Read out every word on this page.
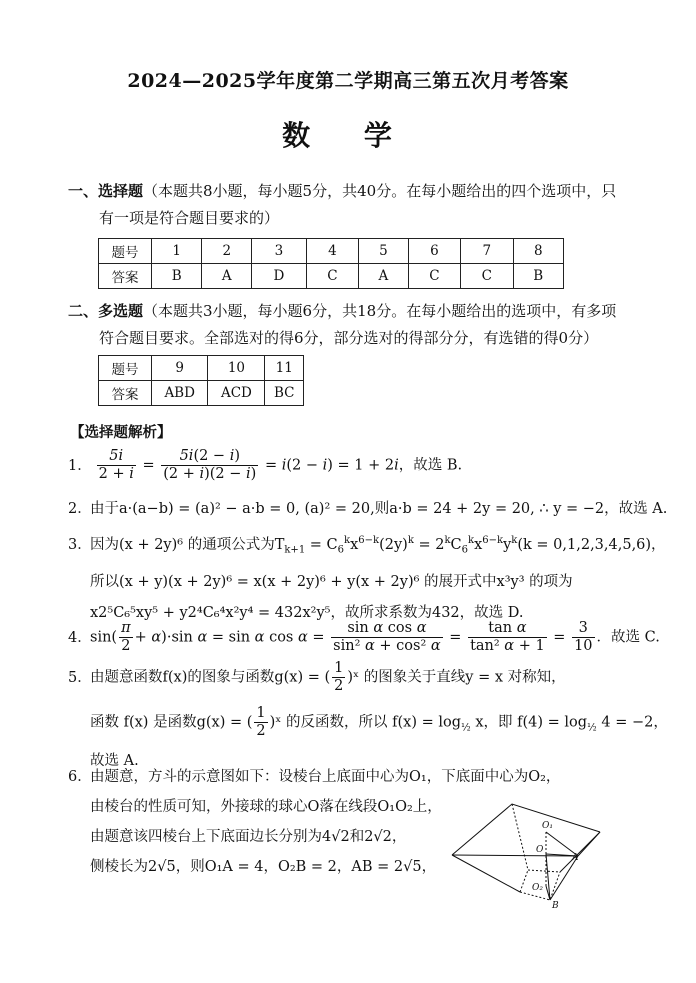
2024—2025学年度第二学期高三第五次月考答案
数 学
一、选择题（本题共8小题，每小题5分，共40分。在每小题给出的四个选项中，只
有一项是符合题目要求的）
题号	1	2	3	4	5	6	7	8
答案	B	A	D	C	A	C	C	B
二、多选题（本题共3小题，每小题6分，共18分。在每小题给出的选项中，有多项
符合题目要求。全部选对的得6分，部分选对的得部分分，有选错的得0分）
题号	9	10	11
答案	ABD	ACD	BC
【选择题解析】
1． $\frac{5i}{2 + i} = \frac{5i(2 - i)}{(2 + i)(2 - i)} = i(2 - i) = 1 + 2i$，故选 B.
2．由于a·(a−b) = (a)² − a·b = 0, (a)² = 20,则a·b = 24 + 2y = 20, ∴ y = −2，故选 A.
3．因为(x + 2y)⁶ 的通项公式为$T_{k+1} = C_6^kx^{6-k}(2y)^k = 2^kC_6^kx^{6-k}y^k(k = 0,1,2,3,4,5,6)$，
所以(x + y)(x + 2y)⁶ = x(x + 2y)⁶ + y(x + 2y)⁶ 的展开式中x³y³ 的项为
x2⁵C₆⁵xy⁵ + y2⁴C₆⁴x²y⁴ = 432x²y⁵，故所求系数为432，故选 D.
4．$\sin( \frac{\pi}{2} + \alpha)\cdot\sin$ α = sin α $\cos \alpha = \frac{\text{sin α cos α}}{\text{sin² α + cos² α}} = \frac{\text{tan α}}{\text{tan² α + 1}} = \frac{3}{10}$ ．故选 C.
5．由题意函数f(x)的图象与函数g(x) = ( $\frac{1}{2}$ )ˣ 的图象关于直线y = x 对称知，
函数 f(x) 是函数g(x) = ( $\frac{1}{2}$ )ˣ 的反函数，所以 $f(x) = \log_{\frac{1}{2}} x$，即 $f(4) = \log_{\frac{1}{2}} 4 = -2$，
故选 A.
6．由题意，方斗的示意图如下：设棱台上底面中心为O₁，下底面中心为O₂，
由棱台的性质可知，外接球的球心O落在线段O₁O₂上，
由题意该四棱台上下底面边长分别为4√2和2√2，
侧棱长为2√5，则O₁A = 4，O₂B = 2，AB = 2√5，
O₁
O
A
O₂
B
